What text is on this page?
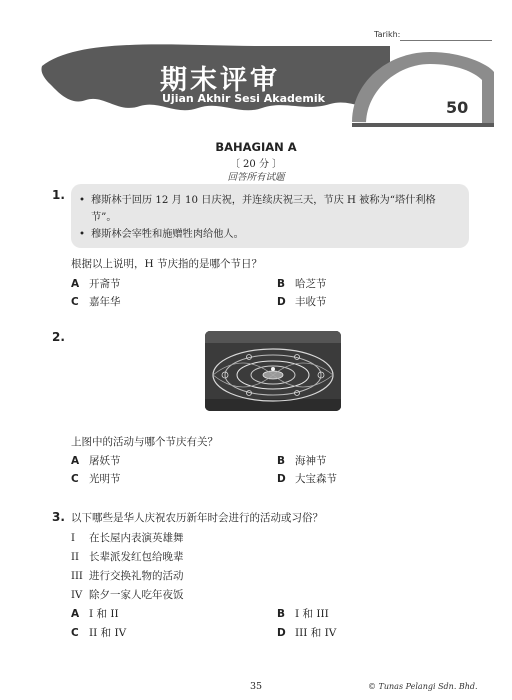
Tarikh:
期末评审
Ujian Akhir Sesi Akademik	50
BAHAGIAN A
〔 20 分 〕
回答所有试题
1. • 穆斯林于回历 12 月 10 日庆祝，并连续庆祝三天，节庆 H 被称为“塔什利格节”。
• 穆斯林会宰牲和施赠牲肉给他人。
根据以上说明，H 节庆指的是哪个节日？
A 开斋节	B 哈芝节
C 嘉年华	D 丰收节
2.
上图中的活动与哪个节庆有关？
A 屠妖节	B 海神节
C 光明节	D 大宝森节
3. 以下哪些是华人庆祝农历新年时会进行的活动或习俗？
I 在长屋内表演英雄舞
II 长辈派发红包给晚辈
III 进行交换礼物的活动
IV 除夕一家人吃年夜饭
A I 和 II	B I 和 III
C II 和 IV	D III 和 IV
35	© Tunas Pelangi Sdn. Bhd.
